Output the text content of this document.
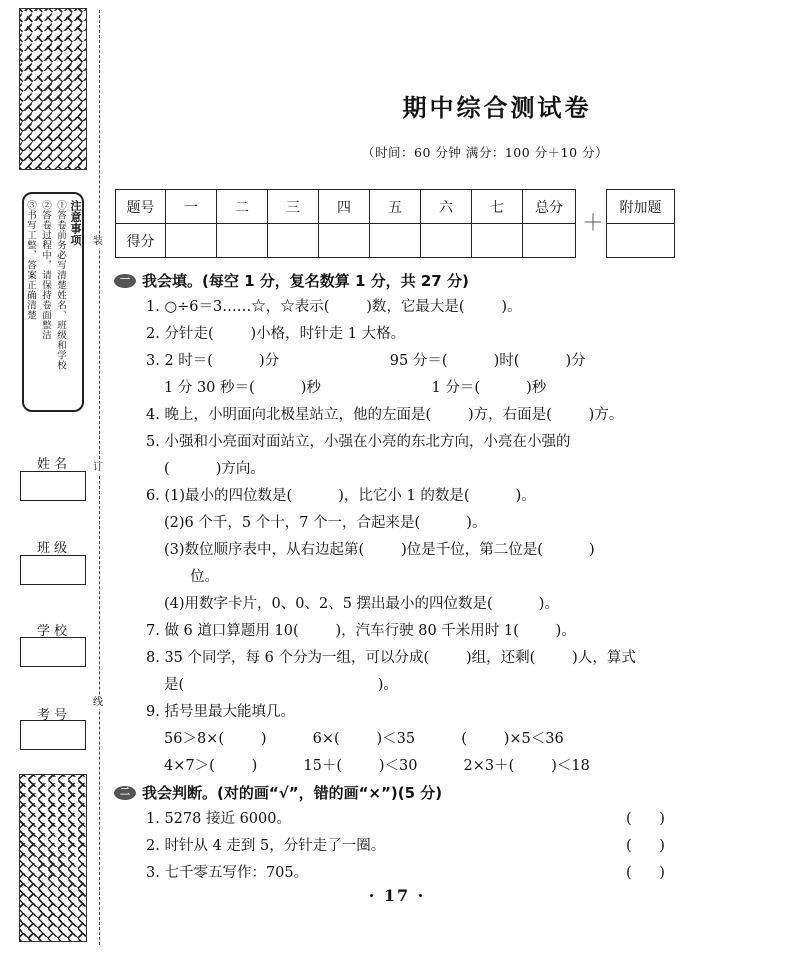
装
订
线
注意事项
①答卷前务必写清楚姓名、班级和学校
②答卷过程中，请保持卷面整洁
③书写工整，答案正确清楚
姓名
班级
学校
考号
期中综合测试卷
（时间：60 分钟 满分：100 分＋10 分）
题号	一	二	三	四	五	六	七	总分
得分								
＋
附加题

一 我会填。(每空 1 分，复名数算 1 分，共 27 分)
1. ○÷6＝3……☆，☆表示(        )数，它最大是(        )。
2. 分针走(        )小格，时针走 1 大格。
3. 2 时＝(          )分                        95 分＝(          )时(          )分
1 分 30 秒＝(          )秒                        1 分＝(          )秒
4. 晚上，小明面向北极星站立，他的左面是(        )方，右面是(        )方。
5. 小强和小亮面对面站立，小强在小亮的东北方向，小亮在小强的
(          )方向。
6. (1)最小的四位数是(          )，比它小 1 的数是(          )。
(2)6 个千，5 个十，7 个一，合起来是(          )。
(3)数位顺序表中，从右边起第(        )位是千位，第二位是(          )
位。
(4)用数字卡片，0、0、2、5 摆出最小的四位数是(          )。
7. 做 6 道口算题用 10(        )，汽车行驶 80 千米用时 1(        )。
8. 35 个同学，每 6 个分为一组，可以分成(        )组，还剩(        )人，算式
是(                                          )。
9. 括号里最大能填几。
56＞8×(        )          6×(        )＜35          (        )×5＜36
4×7＞(        )          15＋(        )＜30          2×3＋(        )＜18
二 我会判断。(对的画“√”，错的画“×”)(5 分)
1. 5278 接近 6000。	(      )
2. 时针从 4 走到 5，分针走了一圈。	(      )
3. 七千零五写作：705。	(      )
· 17 ·
